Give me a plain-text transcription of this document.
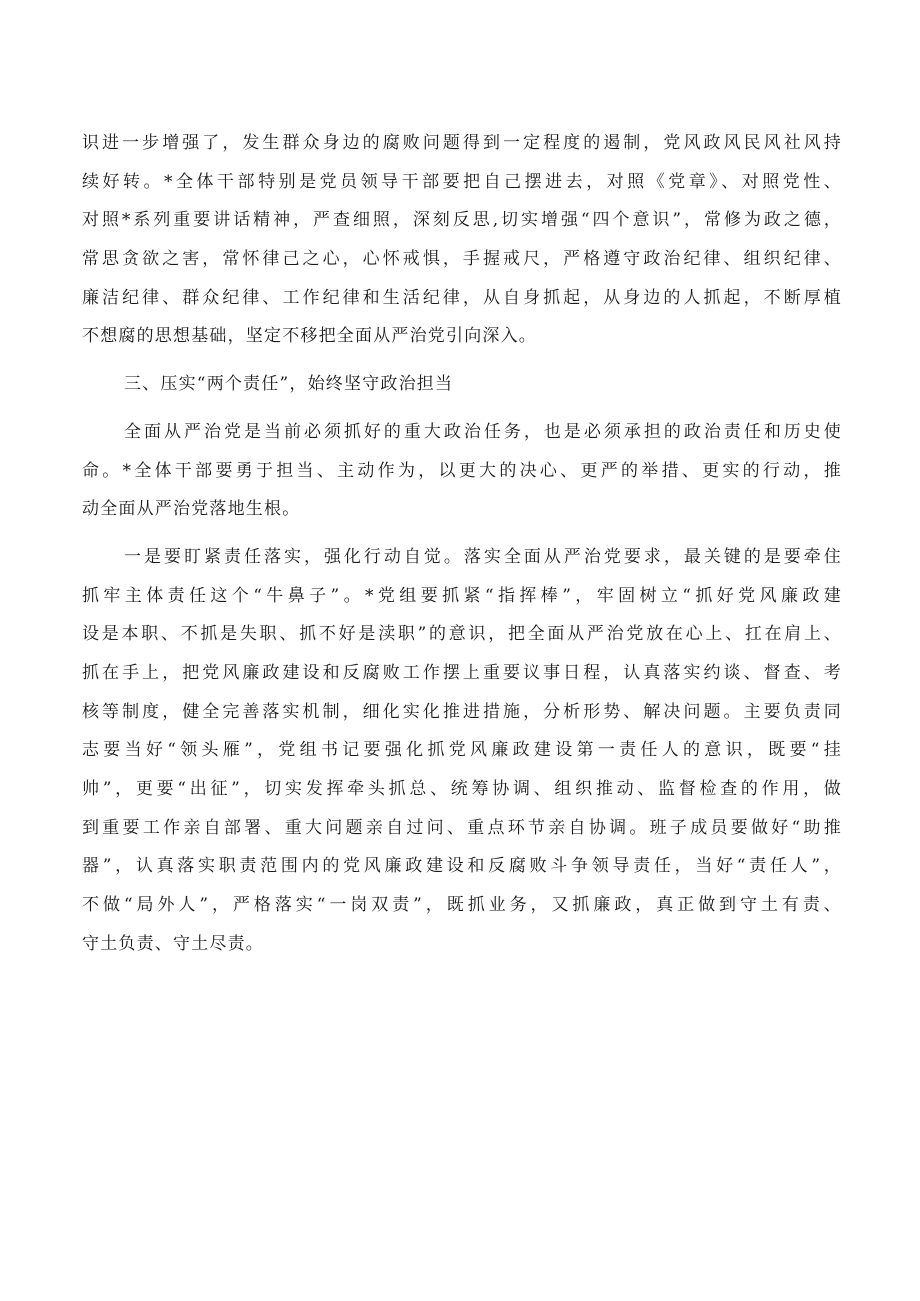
识进一步增强了，发生群众身边的腐败问题得到一定程度的遏制，党风政风民风社风持
续好转。*全体干部特别是党员领导干部要把自己摆进去，对照《党章》、对照党性、
对照*系列重要讲话精神，严查细照，深刻反思,切实增强“四个意识”，常修为政之德，
常思贪欲之害，常怀律己之心，心怀戒惧，手握戒尺，严格遵守政治纪律、组织纪律、
廉洁纪律、群众纪律、工作纪律和生活纪律，从自身抓起，从身边的人抓起，不断厚植
不想腐的思想基础，坚定不移把全面从严治党引向深入。
三、压实“两个责任”，始终坚守政治担当
全面从严治党是当前必须抓好的重大政治任务，也是必须承担的政治责任和历史使
命。*全体干部要勇于担当、主动作为，以更大的决心、更严的举措、更实的行动，推
动全面从严治党落地生根。
一是要盯紧责任落实，强化行动自觉。落实全面从严治党要求，最关键的是要牵住
抓牢主体责任这个“牛鼻子”。*党组要抓紧“指挥棒”，牢固树立“抓好党风廉政建
设是本职、不抓是失职、抓不好是渎职”的意识，把全面从严治党放在心上、扛在肩上、
抓在手上，把党风廉政建设和反腐败工作摆上重要议事日程，认真落实约谈、督查、考
核等制度，健全完善落实机制，细化实化推进措施，分析形势、解决问题。主要负责同
志要当好“领头雁”，党组书记要强化抓党风廉政建设第一责任人的意识，既要“挂
帅”，更要“出征”，切实发挥牵头抓总、统筹协调、组织推动、监督检查的作用，做
到重要工作亲自部署、重大问题亲自过问、重点环节亲自协调。班子成员要做好“助推
器”，认真落实职责范围内的党风廉政建设和反腐败斗争领导责任，当好“责任人”，
不做“局外人”，严格落实“一岗双责”，既抓业务，又抓廉政，真正做到守土有责、
守土负责、守土尽责。
